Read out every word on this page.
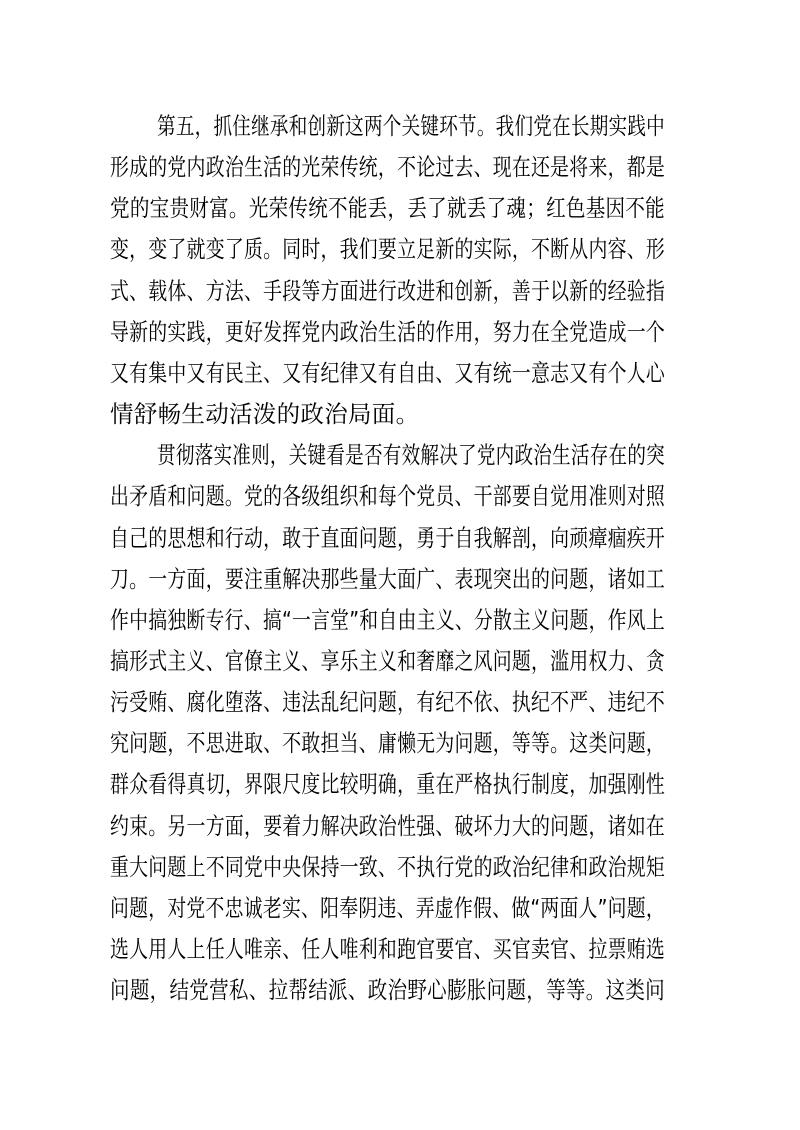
第五，抓住继承和创新这两个关键环节。我们党在长期实践中
形成的党内政治生活的光荣传统，不论过去、现在还是将来，都是
党的宝贵财富。光荣传统不能丢，丢了就丢了魂；红色基因不能
变，变了就变了质。同时，我们要立足新的实际，不断从内容、形
式、载体、方法、手段等方面进行改进和创新，善于以新的经验指
导新的实践，更好发挥党内政治生活的作用，努力在全党造成一个
又有集中又有民主、又有纪律又有自由、又有统一意志又有个人心
情舒畅生动活泼的政治局面。
贯彻落实准则，关键看是否有效解决了党内政治生活存在的突
出矛盾和问题。党的各级组织和每个党员、干部要自觉用准则对照
自己的思想和行动，敢于直面问题，勇于自我解剖，向顽瘴痼疾开
刀。一方面，要注重解决那些量大面广、表现突出的问题，诸如工
作中搞独断专行、搞“一言堂”和自由主义、分散主义问题，作风上
搞形式主义、官僚主义、享乐主义和奢靡之风问题，滥用权力、贪
污受贿、腐化堕落、违法乱纪问题，有纪不依、执纪不严、违纪不
究问题，不思进取、不敢担当、庸懒无为问题，等等。这类问题，
群众看得真切，界限尺度比较明确，重在严格执行制度，加强刚性
约束。另一方面，要着力解决政治性强、破坏力大的问题，诸如在
重大问题上不同党中央保持一致、不执行党的政治纪律和政治规矩
问题，对党不忠诚老实、阳奉阴违、弄虚作假、做“两面人”问题，
选人用人上任人唯亲、任人唯利和跑官要官、买官卖官、拉票贿选
问题，结党营私、拉帮结派、政治野心膨胀问题，等等。这类问
